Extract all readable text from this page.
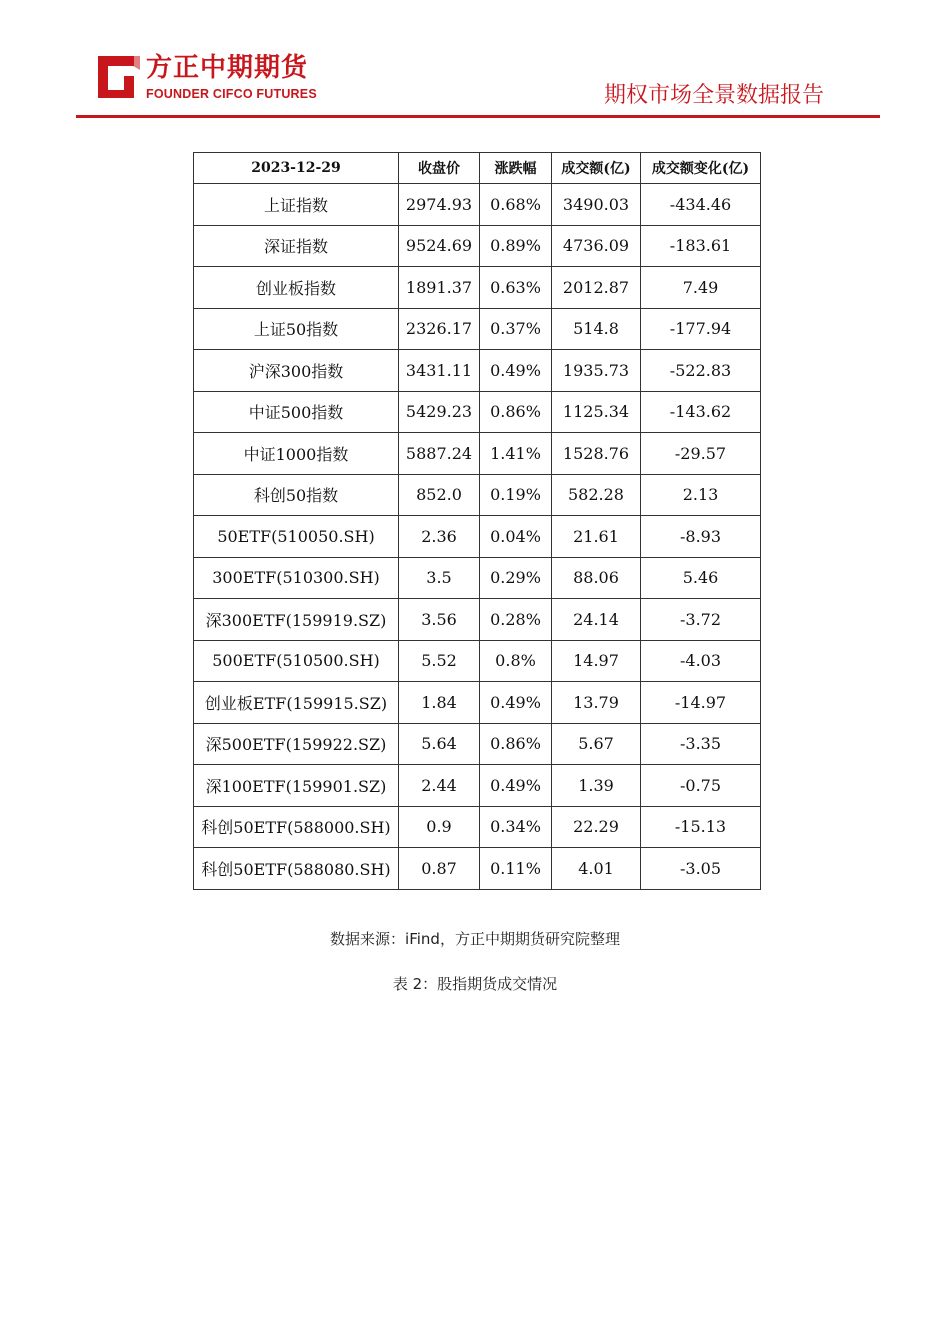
方正中期期货
FOUNDER CIFCO FUTURES	期权市场全景数据报告
2023-12-29	收盘价	涨跌幅	成交额(亿)	成交额变化(亿)
上证指数	2974.93	0.68%	3490.03	-434.46
深证指数	9524.69	0.89%	4736.09	-183.61
创业板指数	1891.37	0.63%	2012.87	7.49
上证50指数	2326.17	0.37%	514.8	-177.94
沪深300指数	3431.11	0.49%	1935.73	-522.83
中证500指数	5429.23	0.86%	1125.34	-143.62
中证1000指数	5887.24	1.41%	1528.76	-29.57
科创50指数	852.0	0.19%	582.28	2.13
50ETF(510050.SH)	2.36	0.04%	21.61	-8.93
300ETF(510300.SH)	3.5	0.29%	88.06	5.46
深300ETF(159919.SZ)	3.56	0.28%	24.14	-3.72
500ETF(510500.SH)	5.52	0.8%	14.97	-4.03
创业板ETF(159915.SZ)	1.84	0.49%	13.79	-14.97
深500ETF(159922.SZ)	5.64	0.86%	5.67	-3.35
深100ETF(159901.SZ)	2.44	0.49%	1.39	-0.75
科创50ETF(588000.SH)	0.9	0.34%	22.29	-15.13
科创50ETF(588080.SH)	0.87	0.11%	4.01	-3.05
数据来源：iFind，方正中期期货研究院整理
表 2：股指期货成交情况
